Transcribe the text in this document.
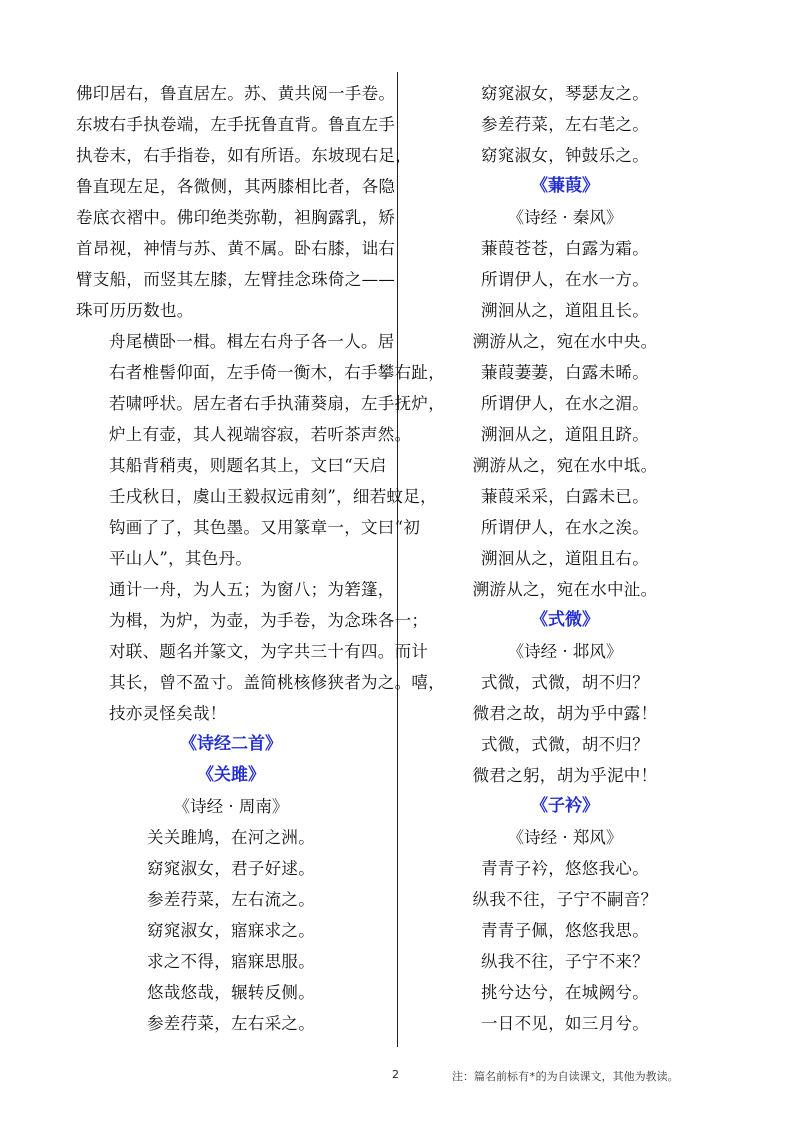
佛印居右，鲁直居左。苏、黄共阅一手卷。
东坡右手执卷端，左手抚鲁直背。鲁直左手
执卷末，右手指卷，如有所语。东坡现右足，
鲁直现左足，各微侧，其两膝相比者，各隐
卷底衣褶中。佛印绝类弥勒，袒胸露乳，矫
首昂视，神情与苏、黄不属。卧右膝，诎右
臂支船，而竖其左膝，左臂挂念珠倚之——
珠可历历数也。

舟尾横卧一楫。楫左右舟子各一人。居
右者椎髻仰面，左手倚一衡木，右手攀右趾，
若啸呼状。居左者右手执蒲葵扇，左手抚炉，
炉上有壶，其人视端容寂，若听茶声然。

其船背稍夷，则题名其上，文曰“天启
壬戌秋日，虞山王毅叔远甫刻”，细若蚊足，
钩画了了，其色墨。又用篆章一，文曰“初
平山人”，其色丹。

通计一舟，为人五；为窗八；为箬篷，
为楫，为炉，为壶，为手卷，为念珠各一；
对联、题名并篆文，为字共三十有四。而计
其长，曾不盈寸。盖简桃核修狭者为之。嘻，
技亦灵怪矣哉！

《诗经二首》

《关雎》

《诗经 · 周南》

关关雎鸠，在河之洲。

窈窕淑女，君子好逑。

参差荇菜，左右流之。

窈窕淑女，寤寐求之。

求之不得，寤寐思服。

悠哉悠哉，辗转反侧。

参差荇菜，左右采之。

窈窕淑女，琴瑟友之。

参差荇菜，左右芼之。

窈窕淑女，钟鼓乐之。

《蒹葭》

《诗经 · 秦风》

蒹葭苍苍，白露为霜。

所谓伊人，在水一方。

溯洄从之，道阻且长。

溯游从之，宛在水中央。

蒹葭萋萋，白露未晞。

所谓伊人，在水之湄。

溯洄从之，道阻且跻。

溯游从之，宛在水中坻。

蒹葭采采，白露未已。

所谓伊人，在水之涘。

溯洄从之，道阻且右。

溯游从之，宛在水中沚。

《式微》

《诗经 · 邶风》

式微，式微，胡不归？

微君之故，胡为乎中露！

式微，式微，胡不归？

微君之躬，胡为乎泥中！

《子衿》

《诗经 · 郑风》

青青子衿，悠悠我心。

纵我不往，子宁不嗣音？

青青子佩，悠悠我思。

纵我不往，子宁不来？

挑兮达兮，在城阙兮。

一日不见，如三月兮。

2	注：篇名前标有*的为自读课文，其他为教读。
